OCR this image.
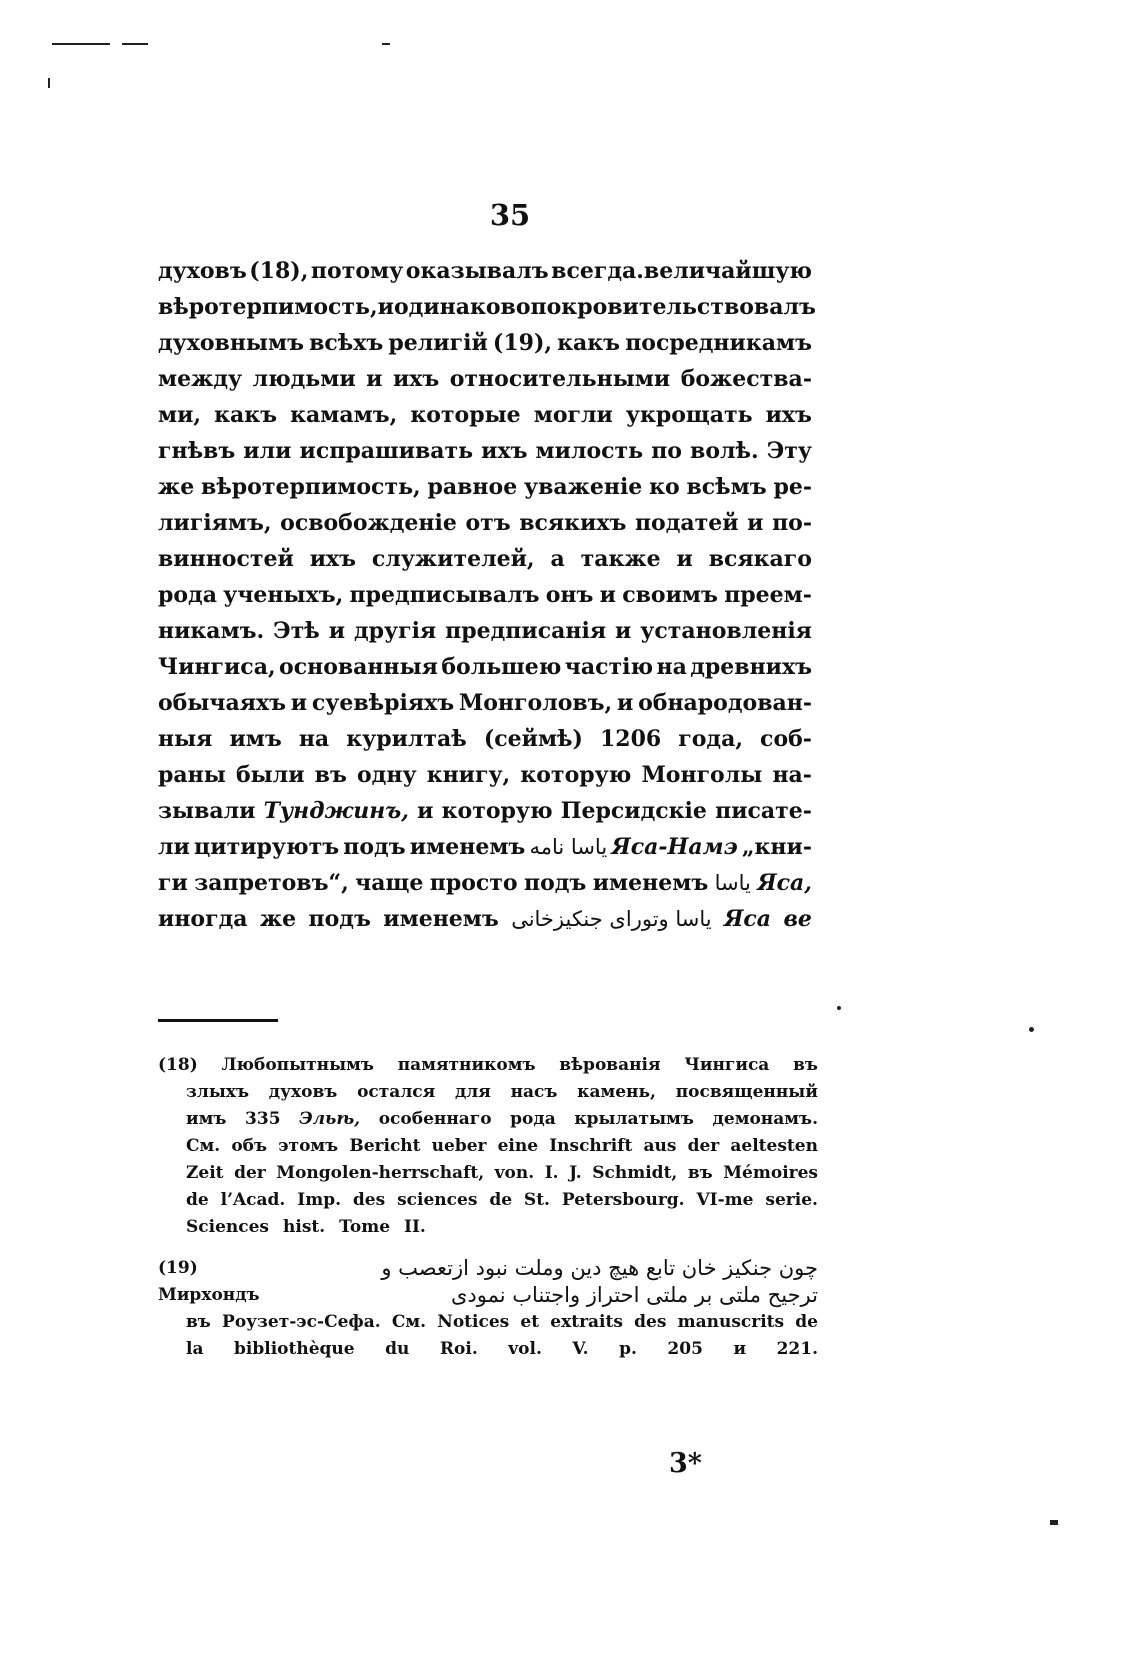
35
духовъ (18), потому оказывалъ всегда.величайшую
вѣротерпимость, и одинаково покровительствовалъ
духовнымъ всѣхъ религій (19), какъ посредникамъ
между людьми и ихъ относительными божества-
ми, какъ камамъ, которые могли укрощать ихъ
гнѣвъ или испрашивать ихъ милость по волѣ. Эту
же вѣротерпимость, равное уваженіе ко всѣмъ ре-
лигіямъ, освобожденіе отъ всякихъ податей и по-
винностей ихъ служителей, а также и всякаго
рода ученыхъ, предписывалъ онъ и своимъ преем-
никамъ. Этѣ и другія предписанія и установленія
Чингиса, основанныя большею частію на древнихъ
обычаяхъ и суевѣріяхъ Монголовъ, и обнародован-
ныя имъ на курилтаѣ (сеймѣ) 1206 года, соб-
раны были въ одну книгу, которую Монголы на-
зывали Тунджинъ, и которую Персидскіе писате-
ли цитируютъ подъ именемъ یاسا نامه Яса-Намэ „кни-
ги запретовъ“, чаще просто подъ именемъ یاسا Яса,
иногда же подъ именемъ یاسا وتورای جنکیزخانی Яса ве
(18) Любопытнымъ памятникомъ вѣрованія Чингиса въ
злыхъ духовъ остался для насъ камень, посвященный
имъ 335 Эльѣ, особеннаго рода крылатымъ демонамъ.
См. объ этомъ Bericht ueber eine Inschrift aus der aeltesten
Zeit der Mongolen-herrschaft, von. I. J. Schmidt, въ Mémoires
de l’Acad. Imp. des sciences de St. Petersbourg. VI-me serie.
Sciences hist. Tome II.
(19)	چون جنکیز خان تابع هیچ دین وملت نبود ازتعصب و
Мирхондъ	ترجیح ملتی بر ملتی احتراز واجتناب نمودی
въ Роузет-эс-Сефа. См. Notices et extraits des manuscrits de
la bibliothèque du Roi. vol. V. p. 205 и 221.
3*
